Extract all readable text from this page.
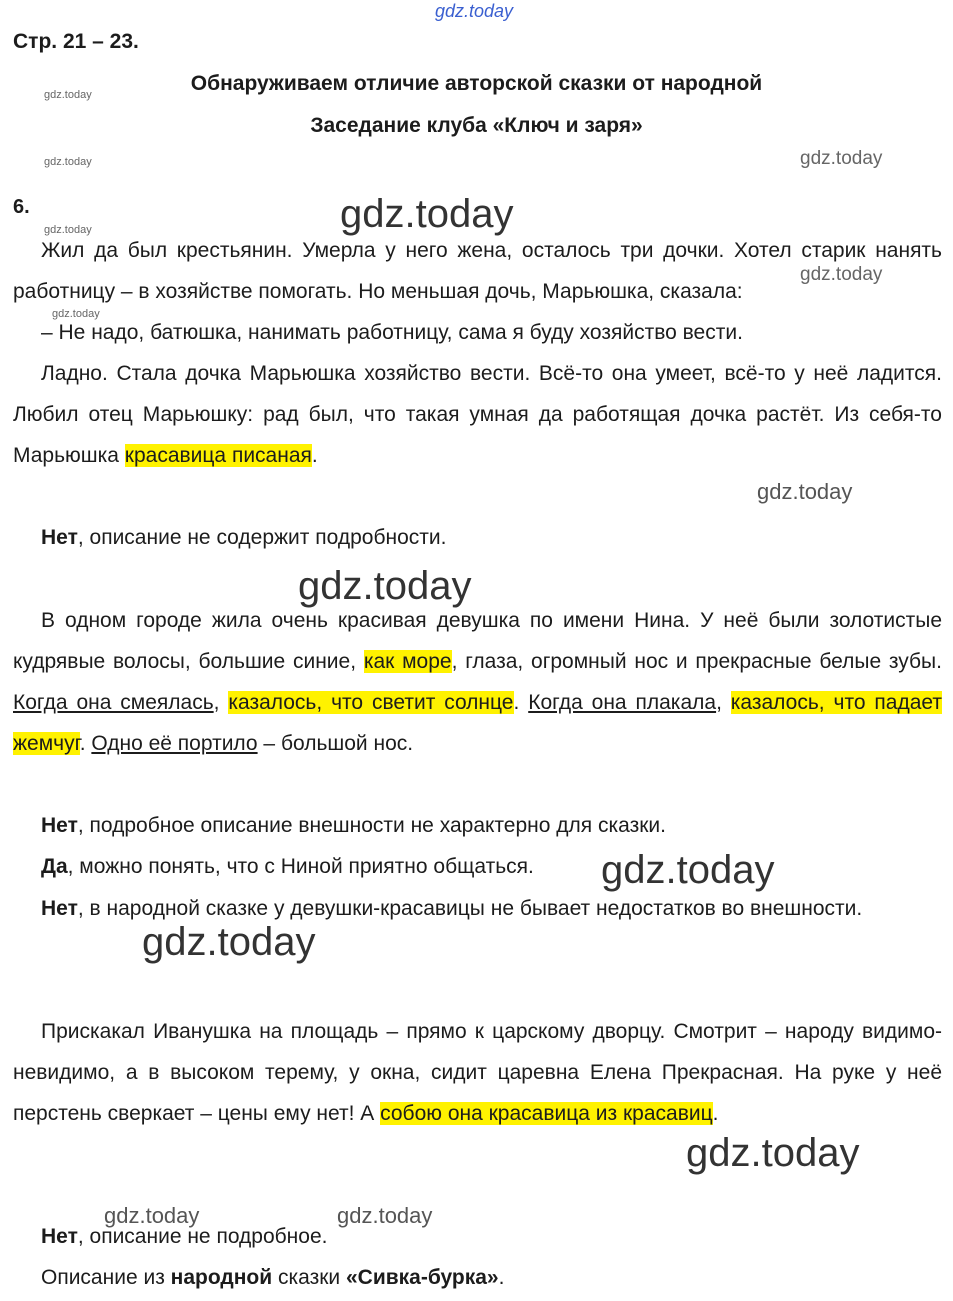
Стр. 21 – 23.
Обнаруживаем отличие авторской сказки от народной
Заседание клуба «Ключ и заря»
6.
Жил да был крестьянин. Умерла у него жена, осталось три дочки. Хотел старик нанять работницу – в хозяйстве помогать. Но меньшая дочь, Марьюшка, сказала:
– Не надо, батюшка, нанимать работницу, сама я буду хозяйство вести.
Ладно. Стала дочка Марьюшка хозяйство вести. Всё-то она умеет, всё-то у неё ладится. Любил отец Марьюшку: рад был, что такая умная да работящая дочка растёт. Из себя-то Марьюшка красавица писаная.
Нет, описание не содержит подробности.
В одном городе жила очень красивая девушка по имени Нина. У неё были золотистые кудрявые волосы, большие синие, как море, глаза, огромный нос и прекрасные белые зубы. Когда она смеялась, казалось, что светит солнце. Когда она плакала, казалось, что падает жемчуг. Одно её портило – большой нос.
Нет, подробное описание внешности не характерно для сказки.
Да, можно понять, что с Ниной приятно общаться.
Нет, в народной сказке у девушки-красавицы не бывает недостатков во внешности.
Прискакал Иванушка на площадь – прямо к царскому дворцу. Смотрит – народу видимо-невидимо, а в высоком терему, у окна, сидит царевна Елена Прекрасная. На руке у неё перстень сверкает – цены ему нет! А собою она красавица из красавиц.
Нет, описание не подробное.
Описание из народной сказки «Сивка-бурка».
gdz.today
gdz.today
gdz.today	gdz.today
gdz.today	gdz.today
gdz.today
gdz.today
gdz.today
gdz.today
gdz.today
gdz.today
gdz.today
gdz.today	gdz.today
